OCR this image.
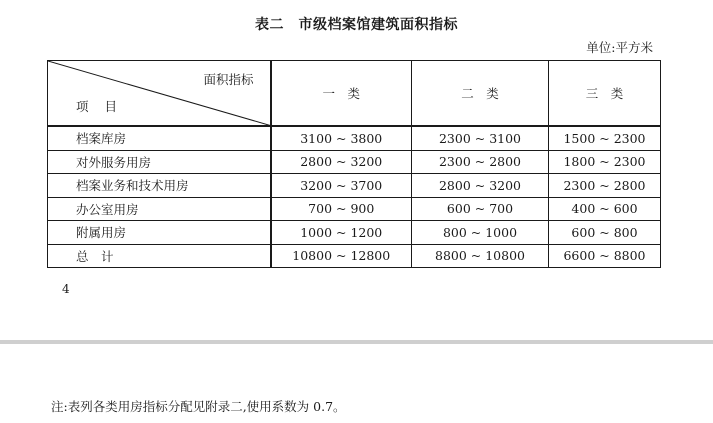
表二　市级档案馆建筑面积指标
单位:平方米
面积指标
项目	一　类	二　类	三　类
档案库房	3100 ~ 3800	2300 ~ 3100	1500 ~ 2300
对外服务用房	2800 ~ 3200	2300 ~ 2800	1800 ~ 2300
档案业务和技术用房	3200 ~ 3700	2800 ~ 3200	2300 ~ 2800
办公室用房	700 ~ 900	600 ~ 700	400 ~ 600
附属用房	1000 ~ 1200	800 ~ 1000	600 ~ 800
总　计	10800 ~ 12800	8800 ~ 10800	6600 ~ 8800
4
注:表列各类用房指标分配见附录二,使用系数为 0.7。
